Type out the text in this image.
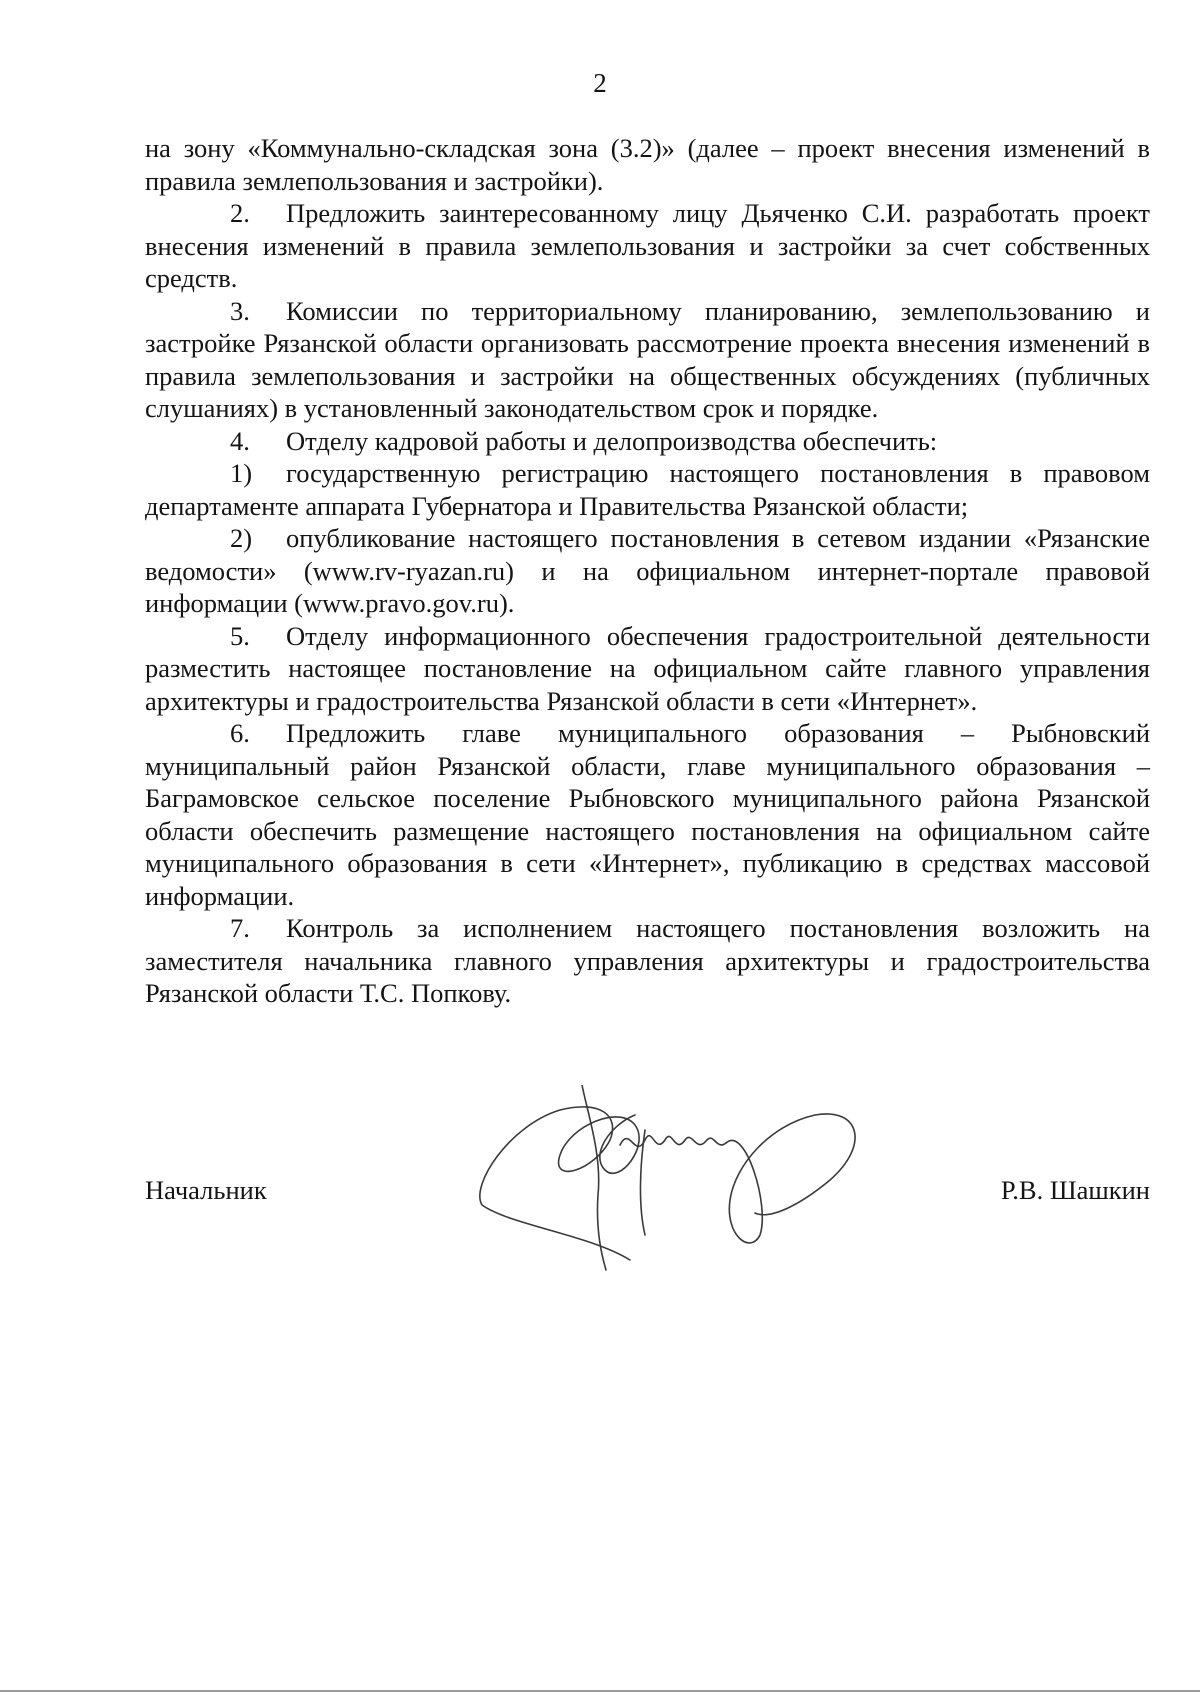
2

на зону «Коммунально-складская зона (3.2)» (далее – проект внесения изменений в правила землепользования и застройки).

2. Предложить заинтересованному лицу Дьяченко С.И. разработать проект внесения изменений в правила землепользования и застройки за счет собственных средств.

3. Комиссии по территориальному планированию, землепользованию и застройке Рязанской области организовать рассмотрение проекта внесения изменений в правила землепользования и застройки на общественных обсуждениях (публичных слушаниях) в установленный законодательством срок и порядке.

4. Отделу кадровой работы и делопроизводства обеспечить:

1) государственную регистрацию настоящего постановления в правовом департаменте аппарата Губернатора и Правительства Рязанской области;

2) опубликование настоящего постановления в сетевом издании «Рязанские ведомости» (www.rv-ryazan.ru) и на официальном интернет-портале правовой информации (www.pravo.gov.ru).

5. Отделу информационного обеспечения градостроительной деятельности разместить настоящее постановление на официальном сайте главного управления архитектуры и градостроительства Рязанской области в сети «Интернет».

6. Предложить главе муниципального образования – Рыбновский муниципальный район Рязанской области, главе муниципального образования – Баграмовское сельское поселение Рыбновского муниципального района Рязанской области обеспечить размещение настоящего постановления на официальном сайте муниципального образования в сети «Интернет», публикацию в средствах массовой информации.

7. Контроль за исполнением настоящего постановления возложить на заместителя начальника главного управления архитектуры и градостроительства Рязанской области Т.С. Попкову.

Начальник	Р.В. Шашкин
